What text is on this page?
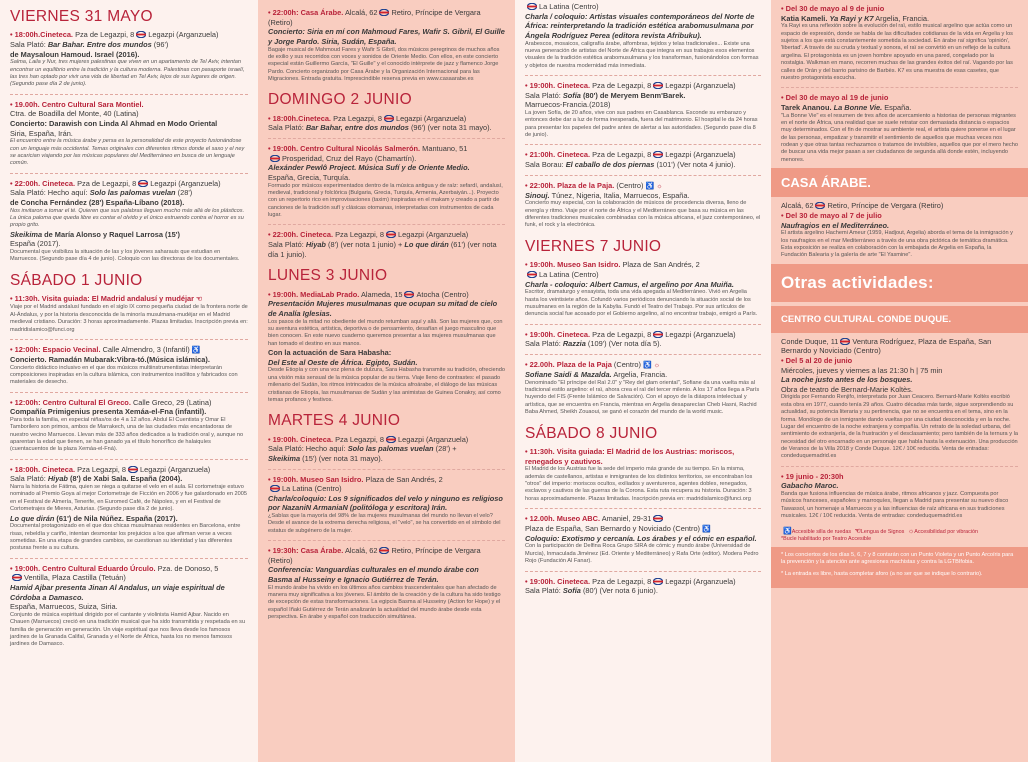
VIERNES 31 MAYO
• 18:00h.Cineteca. Pza de Legazpi, 8 Legazpi (Arganzuela)
Sala Plató: Bar Bahar. Entre dos mundos (96')
de Maysaloun Hamoud. Israel (2016).
Salma, Laila y Nur, tres mujeres palestinas que viven en un apartamento de Tel Aviv, intentan encontrar un equilibrio entre la tradición y la cultura moderna. Palestinas con pasaporte israelí, las tres han optado por vivir una vida de libertad en Tel Aviv, lejos de sus lugares de origen. (Segundo pase día 2 de junio).
• 19.00h. Centro Cultural Sara Montiel.
Ctra. de Boadilla del Monte, 40 (Latina)
Concierto: Darawish con Linda Al Ahmad en Modo Oriental
Siria, España, Irán.
El encuentro entre la música árabe y persa es la personalidad de este proyecto fusionándose con un lenguaje más occidental. Temas originales con diferentes ritmos donde el saxo y el ney se acarician viajando por las músicas populares del Mediterráneo en busca de un lenguaje común.
• 22:00h. Cineteca. Pza de Legazpi, 8 Legazpi (Arganzuela)
Sala Plató: Hecho aquí: Solo las palomas vuelan (28')
de Concha Fernández (28') España-Líbano (2018).
Nos invitaron a tomar el té. Quieren que sus palabras lleguen mucho más allá de los plásticos. La única paloma que queda libre es contar el olvido y el único estruendo contra el horror es su propio grito.
Skeikima de María Alonso y Raquel Larrosa (15')
España (2017).
Documental que visibiliza la situación de las y los jóvenes saharauis que estudian en Marruecos. (Segundo pase día 4 de junio). Coloquio con las directoras de los documentales.
SÁBADO 1 JUNIO
• 11:30h. Visita guiada: El Madrid andalusí y mudéjar ☜
Viaje por el Madrid andalusí fundado en el siglo IX como pequeña ciudad de la frontera norte de Al-Ándalus, y por la historia desconocida de la minoría musulmana-mudéjar en el Madrid medieval cristiano. Duración: 3 horas aproximadamente. Plazas limitadas. Inscripción previa en: madridislamico@funci.org
• 12:00h: Espacio Vecinal. Calle Almendro, 3 (Infantil) ♿
Concierto. Ramadán Mubarak:Vibra-tó.(Música islámica).
Concierto didáctico inclusivo en el que dos músicos multiinstrumentistas interpretarán composiciones inspiradas en la cultura islámica, con instrumentos insólitos y fabricados con materiales de desecho.
• 12:00h: Centro Cultural El Greco. Calle Greco, 29 (Latina)
Compañía Primigenius presenta Xemáa-el-Fna (infantil).
Para toda la familia, en especial niñas/os de 4 a 12 años. Abdul El Cuentista y Omar El Tamborilero son primos, ambos de Marrakech, una de las ciudades más encantadoras de nuestro vecino Marruecos. Llevan más de 333 años dedicados a la tradición oral y, aunque no aparentan la edad que tienen, se han ganado ya el título honorífico de halaiquíes (cuentacuentos de la plaza Xemáa-el-Fná).
• 18:00h. Cineteca. Pza Legazpi, 8 Legazpi (Arganzuela)
Sala Plató: Hiyab (8') de Xabi Sala. España (2004).
Narra la historia de Fátima, quien se niega a quitarse el velo en el aula. El cortometraje estuvo nominado al Premio Goya al mejor Cortometraje de Ficción en 2006 y fue galardonado en 2005 en el Festival de Almería, Tenerife, en Euromed Café, de Nápoles, y en el Festival de Cortometrajes de Mieres, Asturias. (Segundo pase día 2 de junio).
Lo que dirán (61') de Nila Núñez. España (2017).
Documental protagonizado en el que dos chicas musulmanas residentes en Barcelona, entre risas, rebeldía y cariño, intentan desmontar los prejuicios a los que afirman verse a veces sometidas. En una etapa de grandes cambios, se cuestionan su identidad y las diferentes posturas frente a su cultura.
• 19:00h. Centro Cultural Eduardo Úrculo. Pza. de Donoso, 5
Ventilla, Plaza Castilla (Tetuán)
Hamid Ajbar presenta Jinan Al Andalus, un viaje espiritual de Córdoba a Damasco.
España, Marruecos, Suiza, Siria.
Conjunto de música espiritual dirigido por el cantante y violinista Hamid Ajbar. Nacido en Chauen (Marruecos) creció en una tradición musical que ha sido transmitida y respetada en su familia de generación en generación. Un viaje espiritual que nos lleva desde los famosos jardines de la Granada Califal, Granada y el Norte de África, hasta los no menos famosos jardines de Damasco.
• 22:00h: Casa Árabe. Alcalá, 62 Retiro, Príncipe de Vergara (Retiro)
Concierto: Siria en mí con Mahmoud Fares, Wafir S. Gibril, El Guille y Jorge Pardo. Siria, Sudán, España.
Bagaje musical de Mahmoud Fares y Wafir S Gibril, dos músicos peregrinos de muchos años de exilio y sus recorridos con voces y sonidos de Oriente Medio. Con ellos, en este concierto especial están Guillermo García, "El Guille" y el conocido intérprete de jazz y flamenco Jorge Pardo. Concierto organizado por Casa Árabe y la Organización Internacional para las Migraciones. Entrada gratuita. Imprescindible reserva previa en www.casaarabe.es
DOMINGO 2 JUNIO
• 18:00h.Cineteca. Pza Legazpi, 8 Legazpi (Arganzuela)
Sala Plató: Bar Bahar, entre dos mundos (96') (ver nota 31 mayo).
• 19:00h. Centro Cultural Nicolás Salmerón. Mantuano, 51
Prosperidad, Cruz del Rayo (Chamartín).
Alexánder Pewlô Project. Música Sufí y de Oriente Medio.
España, Grecia, Turquía.
Formado por músicos experimentados dentro de la música antigua y de raíz: sefardí, andalusí, medieval, tradicional y folclórica (Bulgaria, Grecia, Turquía, Armenia, Azerbaiyán...). Proyecto con un repertorio rico en improvisaciones (taxim) inspiradas en el makam y creado a partir de canciones de la tradición sufí y clásicas otomanas, interpretadas con instrumentos de cada lugar.
• 22:00h. Cineteca. Pza Legazpi, 8 Legazpi (Arganzuela)
Sala Plató: Hiyab (8') (ver nota 1 junio) + Lo que dirán (61') (ver nota día 1 junio).
LUNES 3 JUNIO
• 19:00h. MediaLab Prado. Alameda, 15 Atocha (Centro)
Presentación Mujeres musulmanas que ocupan su mitad de cielo de Analía Iglesias.
Los pasos de la mitad no obediente del mundo retumban aquí y allá. Son las mujeres que, con su aventura estética, artística, deportiva o de pensamiento, desafían el juego masculino que bien conocen. En este nuevo cuaderno queremos presentar a las mujeres musulmanas que han tomado el destino en sus manos.
Con la actuación de Sara Habasha:
Del Este al Oeste de África. Egipto, Sudán.
Desde Etiopía y con una voz plena de dulzura, Sara Habasha transmite su tradición, ofreciendo una visión más sensual de la música popular de su tierra. Viaje lleno de contrastes: el pasado milenario del Sudán, los ritmos intrincados de la música afroárabe, el diálogo de las músicas cristianas de Etiopía, las musulmanas de Sudán y las animistas de Guinea Conakry, así como temas profanos y festivos.
MARTES 4 JUNIO
• 19:00h. Cineteca. Pza Legazpi, 8 Legazpi (Arganzuela)
Sala Plató: Hecho aquí: Solo las palomas vuelan (28') +
Skeikima (15') (ver nota 31 mayo).
• 19:00h. Museo San Isidro. Plaza de San Andrés, 2
La Latina (Centro)
Charla/coloquio: Los 9 significados del velo y ninguno es religioso por NazaniN ArmaniaN (politóloga y escritora) Irán.
¿Sabías que la mayoría del 98% de las mujeres musulmanas del mundo no llevan el velo? Desde el avance de la extrema derecha religiosa, el "velo", se ha convertido en el símbolo del estatus de subgénero de la mujer.
• 19:30h: Casa Árabe. Alcalá, 62 Retiro, Príncipe de Vergara (Retiro)
Conferencia: Vanguardias culturales en el mundo árabe con Basma al Husseiny e Ignacio Gutiérrez de Terán.
El mundo árabe ha vivido en los últimos años cambios trascendentales que han afectado de manera muy significativa a los jóvenes. El ámbito de la creación y de la cultura ha sido testigo de excepción de estas transformaciones. La egipcia Basma al Husseiny (Action for Hope) y el español Iñaki Gutiérrez de Terán analizarán la actualidad del mundo árabe desde esta perspectiva. En árabe y español con traducción simultánea.
La Latina (Centro)
Charla / coloquio: Artistas visuales contemporáneos del Norte de África: reinterpretando la tradición estética arabomusulmana por Ángela Rodríguez Perea (editora revista Afribuku).
Arabescos, mosaicos, caligrafía árabe, alfombras, tejidos y telas tradicionales... Existe una nueva generación de artistas del Norte de África que integra en sus trabajos esos elementos visuales de la tradición estética arabomusulmana y los transforman, fusionándolos con formas y objetos de nuestra modernidad más inmediata.
• 19:00h. Cineteca. Pza de Legazpi, 8 Legazpi (Arganzuela)
Sala Plató: Sofía (80') de Meryem Benm'Barek.
Marruecos-Francia.(2018)
La joven Sofía, de 20 años, vive con sus padres en Casablanca. Esconde su embarazo y entonces debe dar a luz de forma inesperada, fuera del matrimonio. El hospital le da 24 horas para presentar los papeles del padre antes de alertar a las autoridades. (Segundo pase día 8 de junio).
• 21:00h. Cineteca. Pza de Legazpi, 8 Legazpi (Arganzuela)
Sala Borau: El caballo de dos piernas (101') (Ver nota 4 junio).
• 22:00h. Plaza de la Paja. (Centro) ♿ ☼
Sinouj. Túnez, Nigeria, Italia, Marruecos, España.
Concierto muy especial, con la colaboración de músicos de procedencia diversa, lleno de energía y ritmo. Viaje por el norte de África y el Mediterráneo que basa su música en las diferentes tradiciones musicales combinadas con la música africana, el jazz contemporáneo, el funk, el rock y la electrónica.
VIERNES 7 JUNIO
• 19:00h. Museo San Isidro. Plaza de San Andrés, 2
La Latina (Centro)
Charla - coloquio: Albert Camus, el argelino por Ana Muiña.
Escritor, dramaturgo y ensayista, toda una vida apegada al Mediterráneo. Vivió en Argelia hasta los veintisiete años. Cofundó varios periódicos denunciando la situación social de los musulmanes en la región de la Kabylia. Fundó el Teatro del Trabajo. Por sus artículos de denuncia social fue acosado por el Gobierno argelino, al no encontrar trabajo, emigró a París.
• 19:00h. Cineteca. Pza de Legazpi, 8 Legazpi (Arganzuela)
Sala Plató: Razzia (109') (Ver nota día 5).
• 22.00h. Plaza de la Paja (Centro) ♿ ☼
Sofiane Saidi & Mazalda. Argelia, Francia.
Denominado "El príncipe del Raï 2.0" y "Rey del glam oriental", Sofiane da una vuelta más al tradicional estilo argelino: el raï, ahora crea el raï del tercer milenio. A los 17 años llega a París huyendo del FIS (Frente Islámico de Salvación). Con el apoyo de la diáspora intelectual y artística, que se encuentra en Francia, mientras en Argelia desaparecían Cheb Hasni, Rachid Baba Ahmed, Sheikh Zouaoui, se ganó el corazón del mundo de la world music.
SÁBADO 8 JUNIO
• 11:30h. Visita guiada: El Madrid de los Austrias: moriscos, renegados y cautivos.
El Madrid de los Austrias fue la sede del imperio más grande de su tiempo. En la misma, además de castellanos, artistas e inmigrantes de los distintos territorios, se encontraban los "otros" del imperio: moriscos ocultos, exiliados y aventureros, agentes dobles, renegados, esclavos y cautivos de las guerras de la Corona. Esta ruta recupera su historia. Duración: 3 horas aproximadamente. Plazas limitadas. Inscripción previa en: madridislamico@funci.org
• 12.00h. Museo ABC. Amaniel, 29-31
Plaza de España, San Bernardo y Noviciado (Centro) ♿
Coloquio: Exotismo y cercanía. Los árabes y el cómic en español.
Con la participación de Delfina Roca Grupo SIRA de cómic y mundo árabe (Universidad de Murcia), Inmaculada Jiménez (Ed. Oriente y Mediterráneo) y Rafa Orte (editor). Modera Pedro Rojo (Fundación Al Fanar).
• 19:00h. Cineteca. Pza de Legazpi, 8 Legazpi (Arganzuela)
Sala Plató: Sofía (80') (Ver nota 6 junio).
• Del 30 de mayo al 9 de junio
Katia Kameli. Ya Rayi y K7 Argelia, Francia.
Ya Rayi es una reflexión sobre la evolución del raï, estilo musical argelino que actúa como un espacio de expresión, donde se habla de las dificultades cotidianas de la vida en Argelia y los sujetos a los que está constantemente sometida la sociedad. En árabe raï significa 'opinión', 'libertad'. A través de su cruda y textual y sonora, el raï se convirtió en un reflejo de la cultura argelina. El protagonista es un joven hombre apoyado en una pared, congelado por la nostalgia. Walkman en mano, recorren muchas de las grandes éxitos del raï. Vagando por las calles de Orán y del barrio parisino de Barbès. K7 es una muestra de esas casetes, que nuestro protagonista escucha.
• Del 30 de mayo al 19 de junio
Tarek Ananou. La Bonne Vie. España.
"La Bonne Vie" es el resumen de tres años de acercamiento a historias de personas migrantes en el norte de África, una realidad que se suele retratar con demasiada distancia o espacios muy determinados. Con el fin de mostrar su ambiente real, el artista quiere ponerse en el lugar de las personas, empatizar y transmitir el sentimiento de aquellos que muchas veces nos rodean y que otras tantas rechazamos o tratamos de invisibles, aquellos que por el mero hecho de buscar una vida mejor pasan a ser ciudadanos de segunda allá donde estén, incluyendo menores.
CASA ÁRABE.
Alcalá, 62 Retiro, Príncipe de Vergara (Retiro)
• Del 30 de mayo al 7 de julio
Naufragios en el Mediterráneo.
El artista argelino Hachemi Ameur (1959, Hadjout, Argelia) aborda el tema de la inmigración y los naufragios en el mar Mediterráneo a través de una obra pictórica de temática dramática. Esta exposición se realiza en colaboración con la embajada de Argelia en España, la Fundación Balearia y la galería de arte "El Yasmine".
Otras actividades:
CENTRO CULTURAL CONDE DUQUE.
Conde Duque, 11 Ventura Rodríguez, Plaza de España, San Bernardo y Noviciado (Centro)
• Del 5 al 20 de junio
Miércoles, jueves y viernes a las 21:30 h | 75 min
La noche justo antes de los bosques.
Obra de teatro de Bernard-Marie Koltès.
Dirigida por Fernando Renjifo, interpretada por Juan Ceacero. Bernard-Marie Koltès escribió esta obra en 1977, cuando tenía 29 años. Cuatro décadas más tarde, sigue sorprendiendo su actualidad, su potencia literaria y su pertinencia, que no se encuentra en el tema, sino en la forma. Monólogo de un inmigrante dando vueltas por una ciudad desconocida y en la noche. Lugar del encuentro de la noche extranjera y compañía. Un retrato de la soledad urbana, del sentimiento de extranjería, de la frustración y el desclasamiento; pero también de la ternura y la necesidad del otro encarnado en un personaje que habla hasta la extenuación. Una producción de Veranos de la Villa 2018 y Conde Duque. 12€ / 10€ reducida. Venta de entradas: condeduquemadrid.es
• 19 junio - 20:30h
Gabacho Maroc.
Banda que fusiona influencias de música árabe, ritmos africanos y jazz. Compuesta por músicos franceses, españoles y marroquíes, llegan a Madrid para presentar su nuevo disco Tawassol, un homenaje a Marruecos y a las influencias de raíz africana en sus tradiciones musicales. 12€ / 10€ reducida. Venta de entradas: condeduquemadrid.es
♿Accesible silla de ruedas ☜Lengua de Signos ☼Accesibilidad por vibración
*Bucle habilitado por Teatro Accesible

* Los conciertos de los días 5, 6, 7 y 8 contarán con un Punto Violeta y un Punto Arcoíris para la prevención y la atención ante agresiones machistas y contra la LGTBIfobia.

* La entrada es libre, hasta completar aforo (a no ser que se indique lo contrario).
